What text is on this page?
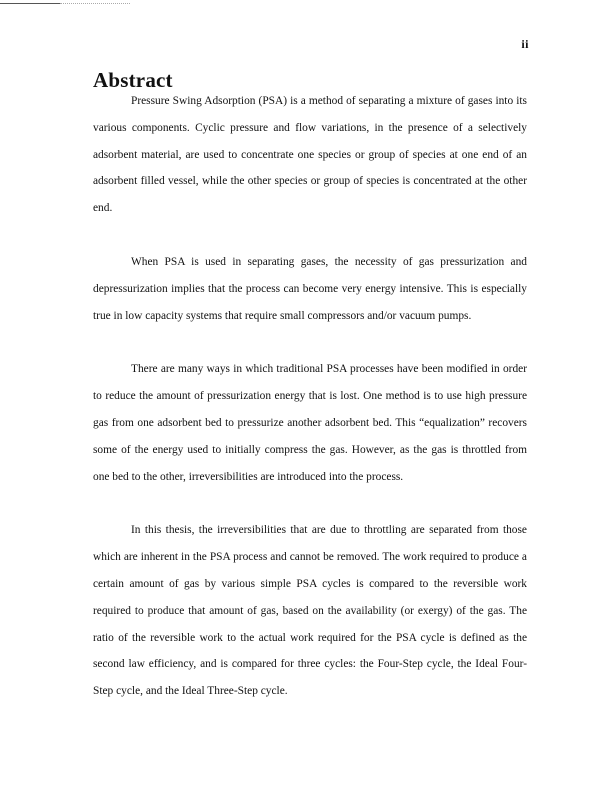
ii
Abstract

Pressure Swing Adsorption (PSA) is a method of separating a mixture of gases into its various components. Cyclic pressure and flow variations, in the presence of a selectively adsorbent material, are used to concentrate one species or group of species at one end of an adsorbent filled vessel, while the other species or group of species is concentrated at the other end.

When PSA is used in separating gases, the necessity of gas pressurization and depressurization implies that the process can become very energy intensive. This is especially true in low capacity systems that require small compressors and/or vacuum pumps.

There are many ways in which traditional PSA processes have been modified in order to reduce the amount of pressurization energy that is lost. One method is to use high pressure gas from one adsorbent bed to pressurize another adsorbent bed. This “equalization” recovers some of the energy used to initially compress the gas. However, as the gas is throttled from one bed to the other, irreversibilities are introduced into the process.

In this thesis, the irreversibilities that are due to throttling are separated from those which are inherent in the PSA process and cannot be removed. The work required to produce a certain amount of gas by various simple PSA cycles is compared to the reversible work required to produce that amount of gas, based on the availability (or exergy) of the gas. The ratio of the reversible work to the actual work required for the PSA cycle is defined as the second law efficiency, and is compared for three cycles: the Four-Step cycle, the Ideal Four-Step cycle, and the Ideal Three-Step cycle.
